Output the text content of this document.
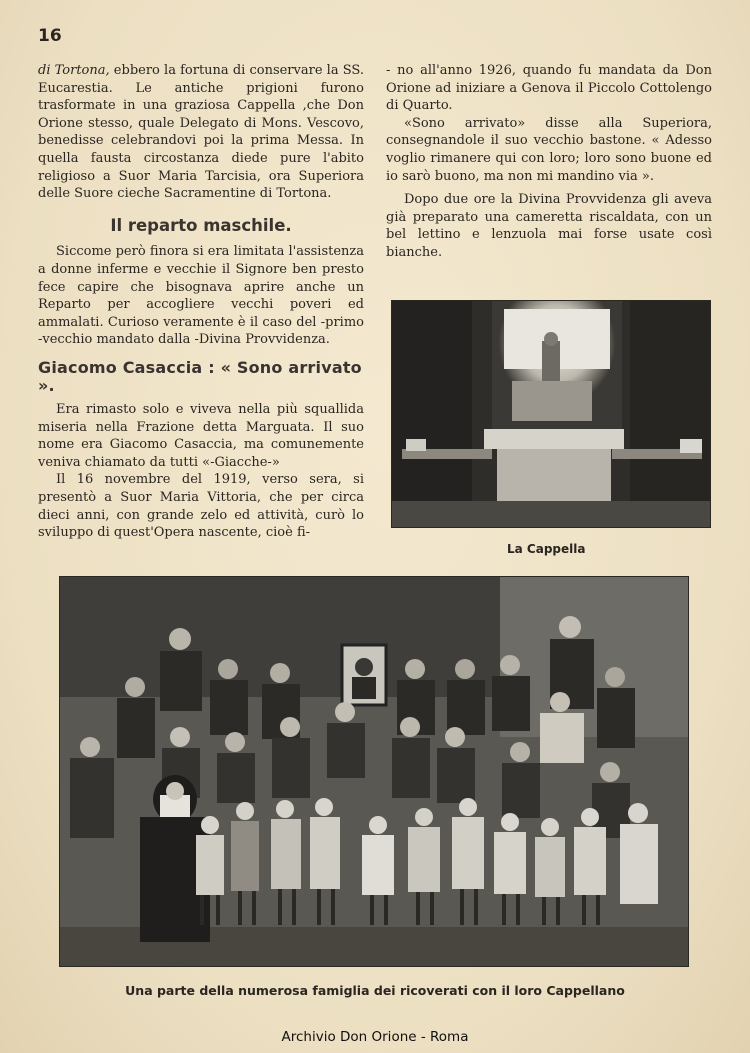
16

di Tortona, ebbero la fortuna di conservare la SS. Eucarestia. Le antiche prigioni furono trasformate in una graziosa Cappella ,che Don Orione stesso, quale Delegato di Mons. Vescovo, benedisse celebrandovi poi la prima Messa. In quella fausta circostanza diede pure l'abito religioso a Suor Maria Tarcisia, ora Superiora delle Suore cieche Sacramentine di Tortona.

Il reparto maschile.

Siccome però finora si era limitata l'assistenza a donne inferme e vecchie il Signore ben presto fece capire che bisognava aprire anche un Reparto per accogliere vecchi poveri ed ammalati. Curioso veramente è il caso del -primo -vecchio mandato dalla -Divina Provvidenza.

Giacomo Casaccia : « Sono arrivato ».

Era rimasto solo e viveva nella più squallida miseria nella Frazione detta Marguata. Il suo nome era Giacomo Casaccia, ma comunemente veniva chiamato da tutti «-Giacche-»

Il 16 novembre del 1919, verso sera, si presentò a Suor Maria Vittoria, che per circa dieci anni, con grande zelo ed attività, curò lo sviluppo di quest'Opera nascente, cioè fi-

- no all'anno 1926, quando fu mandata da Don Orione ad iniziare a Genova il Piccolo Cottolengo di Quarto.

«Sono arrivato» disse alla Superiora, consegnandole il suo vecchio bastone. « Adesso voglio rimanere qui con loro; loro sono buone ed io sarò buono, ma non mi mandino via ».

Dopo due ore la Divina Provvidenza gli aveva già preparato una cameretta riscaldata, con un bel lettino e lenzuola mai forse usate così bianche.

La Cappella
Una parte della numerosa famiglia dei ricoverati con il loro Cappellano
Archivio Don Orione - Roma
